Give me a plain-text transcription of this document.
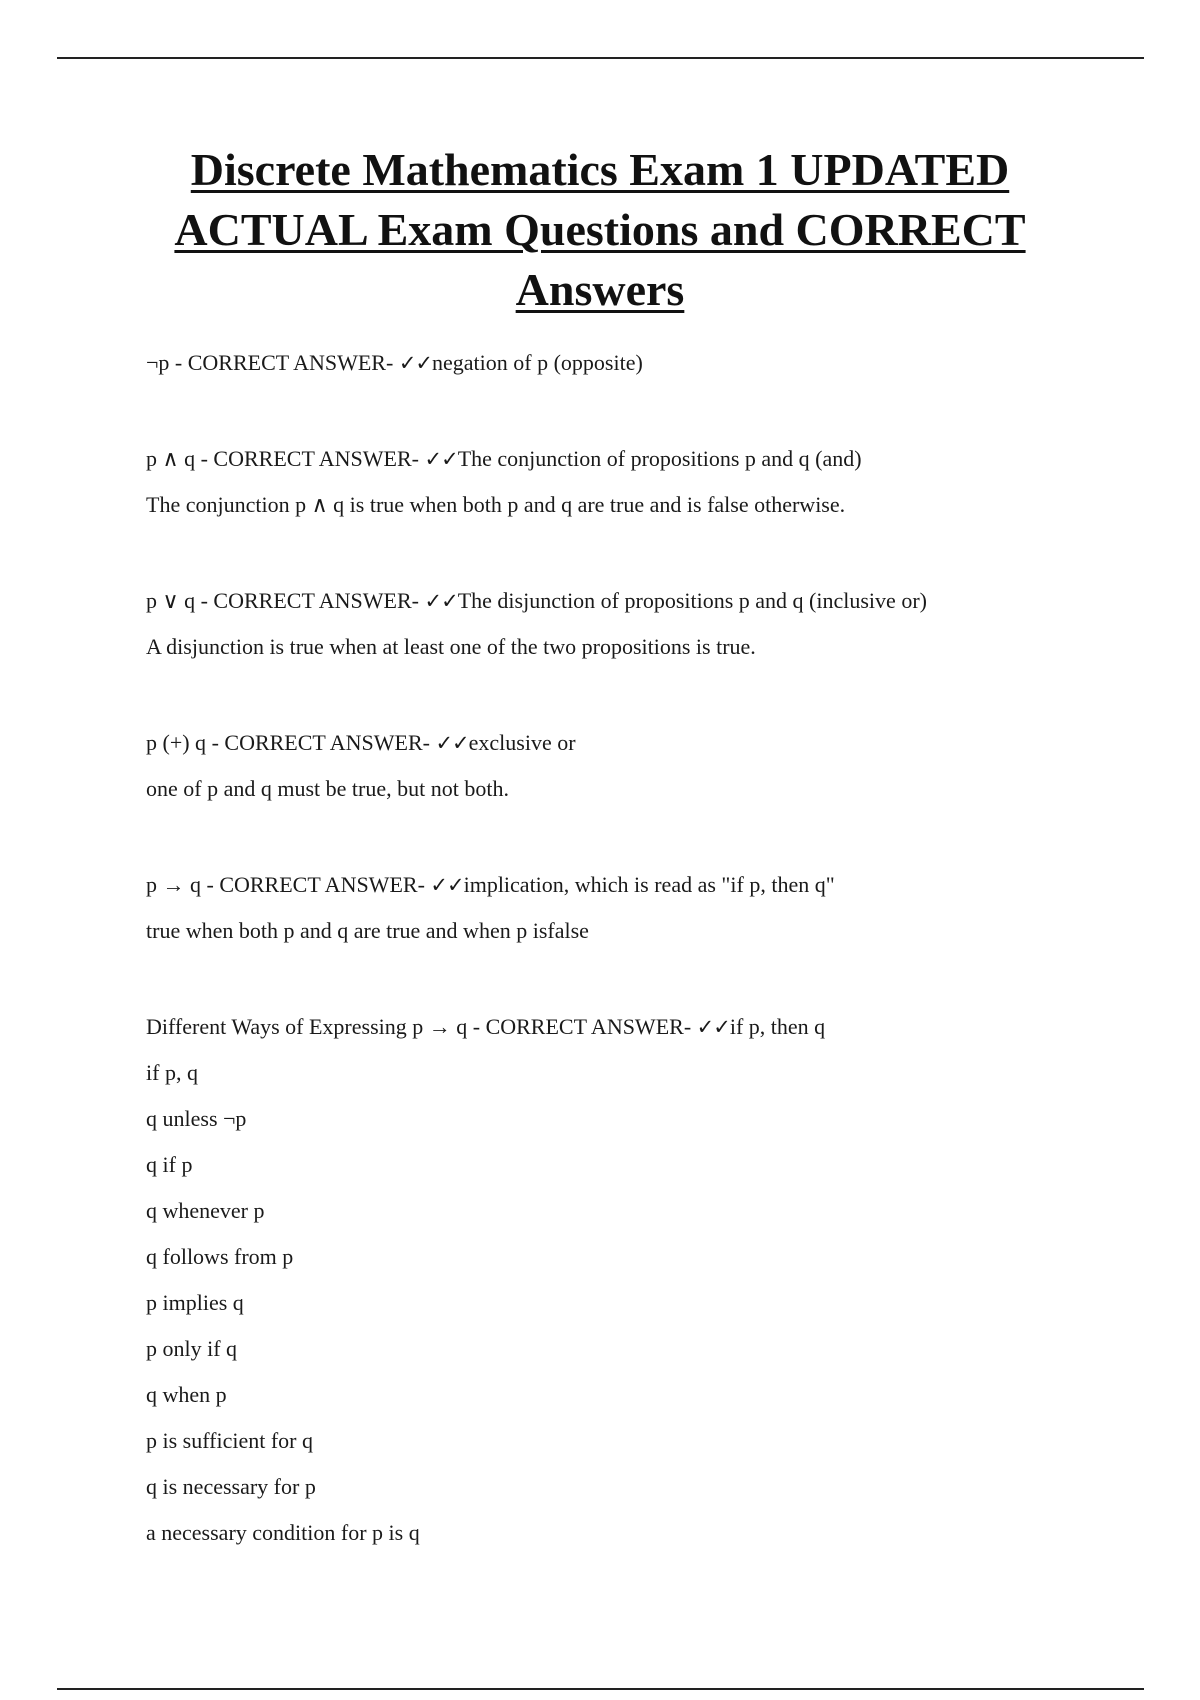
Discrete Mathematics Exam 1 UPDATED ACTUAL Exam Questions and CORRECT Answers
¬p - CORRECT ANSWER- ✓✓negation of p (opposite)
p ∧ q - CORRECT ANSWER- ✓✓The conjunction of propositions p and q (and)
The conjunction p ∧ q is true when both p and q are true and is false otherwise.
p ∨ q - CORRECT ANSWER- ✓✓The disjunction of propositions p and q (inclusive or)
A disjunction is true when at least one of the two propositions is true.
p (+) q - CORRECT ANSWER- ✓✓exclusive or
one of p and q must be true, but not both.
p → q - CORRECT ANSWER- ✓✓implication, which is read as "if p, then q"
true when both p and q are true and when p isfalse
Different Ways of Expressing p → q - CORRECT ANSWER- ✓✓if p, then q
if p, q
q unless ¬p
q if p
q whenever p
q follows from p
p implies q
p only if q
q when p
p is sufficient for q
q is necessary for p
a necessary condition for p is q
